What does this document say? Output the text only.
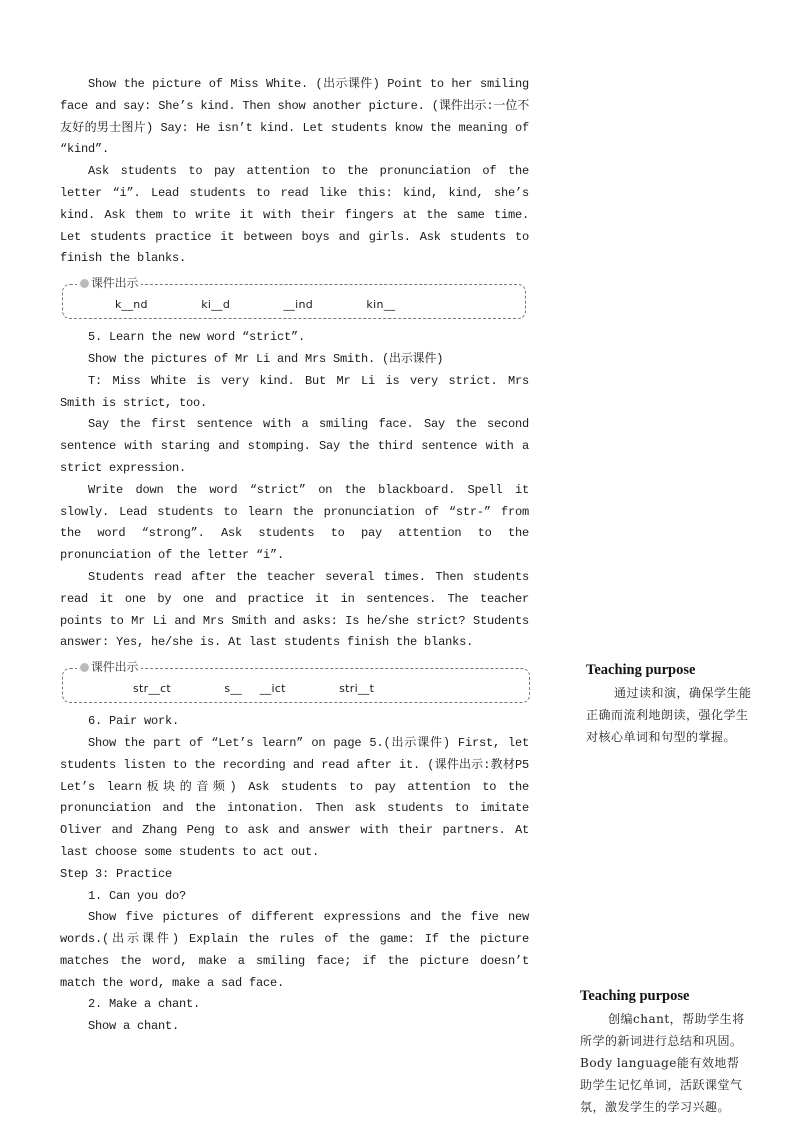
Show the picture of Miss White. (出示课件) Point to her smiling face and say: She’s kind. Then show another picture. (课件出示:一位不友好的男士图片) Say: He isn’t kind. Let students know the meaning of “kind”.

Ask students to pay attention to the pronunciation of the letter “i”. Lead students to read like this: kind, kind, she’s kind. Ask them to write it with their fingers at the same time. Let students practice it between boys and girls. Ask students to finish the blanks.

课件出示
k__nd   ki__d   __ind   kin__

5. Learn the new word “strict”.

Show the pictures of Mr Li and Mrs Smith. (出示课件)

T: Miss White is very kind. But Mr Li is very strict. Mrs Smith is strict, too.

Say the first sentence with a smiling face. Say the second sentence with staring and stomping. Say the third sentence with a strict expression.

Write down the word “strict” on the blackboard. Spell it slowly. Lead students to learn the pronunciation of “str-” from the word “strong”. Ask students to pay attention to the pronunciation of the letter “i”.

Students read after the teacher several times. Then students read it one by one and practice it in sentences. The teacher points to Mr Li and Mrs Smith and asks: Is he/she strict? Students answer: Yes, he/she is. At last students finish the blanks.

课件出示
str__ct   s__ __ict   stri__t

6. Pair work.

Show the part of “Let’s learn” on page 5.(出示课件) First, let students listen to the recording and read after it. (课件出示:教材P5 Let’s learn板块的音频) Ask students to pay attention to the pronunciation and the intonation. Then ask students to imitate Oliver and Zhang Peng to ask and answer with their partners. At last choose some students to act out.

Step 3: Practice

1. Can you do?

Show five pictures of different expressions and the five new words.(出示课件) Explain the rules of the game: If the picture matches the word, make a smiling face; if the picture doesn’t match the word, make a sad face.

2. Make a chant.

Show a chant.

Teaching purpose

通过读和演，确保学生能正确而流利地朗读，强化学生对核心单词和句型的掌握。

Teaching purpose

创编chant，帮助学生将所学的新词进行总结和巩固。Body language能有效地帮助学生记忆单词，活跃课堂气氛，激发学生的学习兴趣。
